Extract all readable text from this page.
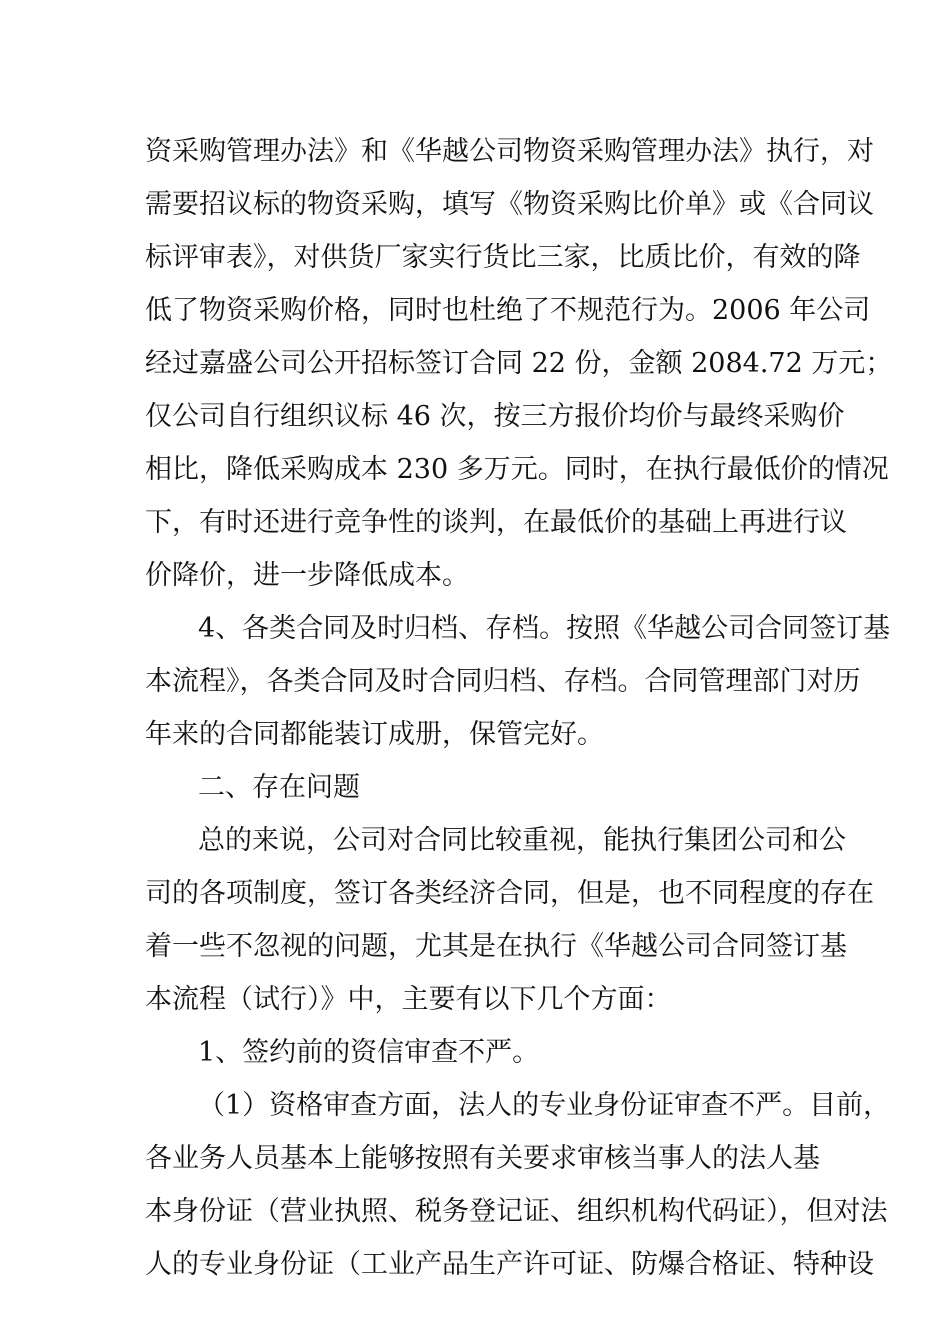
资采购管理办法》和《华越公司物资采购管理办法》执行，对
需要招议标的物资采购，填写《物资采购比价单》或《合同议
标评审表》，对供货厂家实行货比三家，比质比价，有效的降
低了物资采购价格，同时也杜绝了不规范行为。2006 年公司
经过嘉盛公司公开招标签订合同 22 份，金额 2084.72 万元；
仅公司自行组织议标 46 次，按三方报价均价与最终采购价
相比，降低采购成本 230 多万元。同时，在执行最低价的情况
下，有时还进行竞争性的谈判，在最低价的基础上再进行议
价降价，进一步降低成本。
4、各类合同及时归档、存档。按照《华越公司合同签订基
本流程》，各类合同及时合同归档、存档。合同管理部门对历
年来的合同都能装订成册，保管完好。
二、存在问题
总的来说，公司对合同比较重视，能执行集团公司和公
司的各项制度，签订各类经济合同，但是，也不同程度的存在
着一些不忽视的问题，尤其是在执行《华越公司合同签订基
本流程（试行）》中，主要有以下几个方面：
1、签约前的资信审查不严。
（1）资格审查方面，法人的专业身份证审查不严。目前，
各业务人员基本上能够按照有关要求审核当事人的法人基
本身份证（营业执照、税务登记证、组织机构代码证），但对法
人的专业身份证（工业产品生产许可证、防爆合格证、特种设
